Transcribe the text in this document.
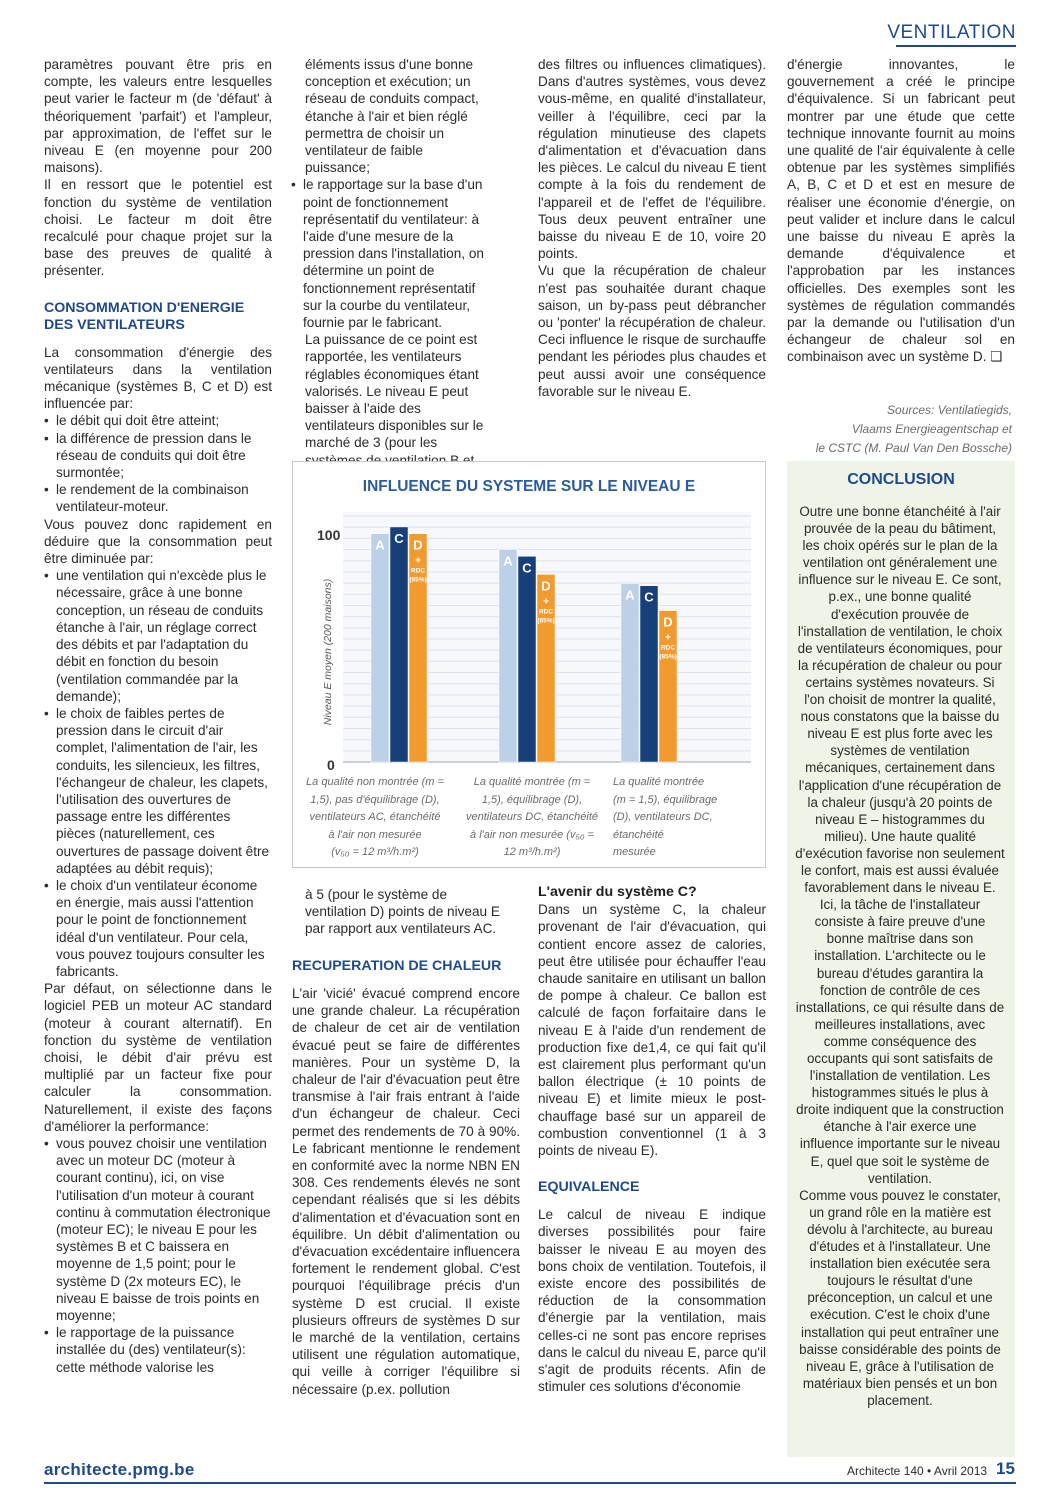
VENTILATION

paramètres pouvant être pris en compte, les valeurs entre lesquelles peut varier le facteur m (de 'défaut' à théoriquement 'parfait') et l'ampleur, par approximation, de l'effet sur le niveau E (en moyenne pour 200 maisons).

Il en ressort que le potentiel est fonction du système de ventilation choisi. Le facteur m doit être recalculé pour chaque projet sur la base des preuves de qualité à présenter.

CONSOMMATION D'ENERGIE DES VENTILATEURS

La consommation d'énergie des ventilateurs dans la ventilation mécanique (systèmes B, C et D) est influencée par:

• le débit qui doit être atteint;
• la différence de pression dans le réseau de conduits qui doit être surmontée;
• le rendement de la combinaison ventilateur-moteur.

Vous pouvez donc rapidement en déduire que la consommation peut être diminuée par:

• une ventilation qui n'excède plus le nécessaire, grâce à une bonne conception, un réseau de conduits étanche à l'air, un réglage correct des débits et par l'adaptation du débit en fonction du besoin (ventilation commandée par la demande);
• le choix de faibles pertes de pression dans le circuit d'air complet, l'alimentation de l'air, les conduits, les silencieux, les filtres, l'échangeur de chaleur, les clapets, l'utilisation des ouvertures de passage entre les différentes pièces (naturellement, ces ouvertures de passage doivent être adaptées au débit requis);
• le choix d'un ventilateur économe en énergie, mais aussi l'attention pour le point de fonctionnement idéal d'un ventilateur. Pour cela, vous pouvez toujours consulter les fabricants.

Par défaut, on sélectionne dans le logiciel PEB un moteur AC standard (moteur à courant alternatif). En fonction du système de ventilation choisi, le débit d'air prévu est multiplié par un facteur fixe pour calculer la consommation. Naturellement, il existe des façons d'améliorer la performance:

• vous pouvez choisir une ventilation avec un moteur DC (moteur à courant continu), ici, on vise l'utilisation d'un moteur à courant continu à commutation électronique (moteur EC); le niveau E pour les systèmes B et C baissera en moyenne de 1,5 point; pour le système D (2x moteurs EC), le niveau E baisse de trois points en moyenne;
• le rapportage de la puissance installée du (des) ventilateur(s): cette méthode valorise les

éléments issus d'une bonne conception et exécution; un réseau de conduits compact, étanche à l'air et bien réglé permettra de choisir un ventilateur de faible puissance;

• le rapportage sur la base d'un point de fonctionnement représentatif du ventilateur: à l'aide d'une mesure de la pression dans l'installation, on détermine un point de fonctionnement représentatif sur la courbe du ventilateur, fournie par le fabricant.

La puissance de ce point est rapportée, les ventilateurs réglables économiques étant valorisés. Le niveau E peut baisser à l'aide des ventilateurs disponibles sur le marché de 3 (pour les

des filtres ou influences climatiques). Dans d'autres systèmes, vous devez vous-même, en qualité d'installateur, veiller à l'équilibre, ceci par la régulation minutieuse des clapets d'alimentation et d'évacuation dans les pièces. Le calcul du niveau E tient compte à la fois du rendement de l'appareil et de l'effet de l'équilibre. Tous deux peuvent entraîner une baisse du niveau E de 10, voire 20 points.

Vu que la récupération de chaleur n'est pas souhaitée durant chaque saison, un by-pass peut débrancher ou 'ponter' la récupération de chaleur. Ceci influence le risque de surchauffe pendant les périodes plus chaudes et peut aussi avoir une conséquence favorable sur le niveau E.

d'énergie innovantes, le gouvernement a créé le principe d'équivalence. Si un fabricant peut montrer par une étude que cette technique innovante fournit au moins une qualité de l'air équivalente à celle obtenue par les systèmes simplifiés A, B, C et D et est en mesure de réaliser une économie d'énergie, on peut valider et inclure dans le calcul une baisse du niveau E après la demande d'équivalence et l'approbation par les instances officielles. Des exemples sont les systèmes de régulation commandés par la demande ou l'utilisation d'un échangeur de chaleur sol en combinaison avec un système D. ❑

Sources: Ventilatiegids,
Vlaams Energieagentschap et
le CSTC (M. Paul Van Den Bossche)
INFLUENCE DU SYSTEME SUR LE NIVEAU E
100
0
Niveau E moyen (200 maisons)
A
A
A
C
C
C
D
+
RDC
(85%)	D
+
RDC
(85%)	D
+
RDC
(85%)
La qualité non montrée (m =
1,5), pas d'équilibrage (D),
ventilateurs AC, étanchéité
à l'air non mesurée
(v₅₀ = 12 m³/h.m²)
La qualité montrée (m =
1,5), équilibrage (D),
ventilateurs DC, étanchéité
à l'air non mesurée (v₅₀ =
12 m³/h.m²)
La qualité montrée
(m = 1,5), équilibrage
(D), ventilateurs DC,
étanchéité
mesurée

à 5 (pour le système de ventilation D) points de niveau E par rapport aux ventilateurs AC.

RECUPERATION DE CHALEUR

L'air 'vicié' évacué comprend encore une grande chaleur. La récupération de chaleur de cet air de ventilation évacué peut se faire de différentes manières. Pour un système D, la chaleur de l'air d'évacuation peut être transmise à l'air frais entrant à l'aide d'un échangeur de chaleur. Ceci permet des rendements de 70 à 90%. Le fabricant mentionne le rendement en conformité avec la norme NBN EN 308. Ces rendements élevés ne sont cependant réalisés que si les débits d'alimentation et d'évacuation sont en équilibre. Un débit d'alimentation ou d'évacuation excédentaire influencera fortement le rendement global. C'est pourquoi l'équilibrage précis d'un système D est crucial. Il existe plusieurs offreurs de systèmes D sur le marché de la ventilation, certains utilisent une régulation automatique, qui veille à corriger l'équilibre si nécessaire (p.ex. pollution

L'avenir du système C?

Dans un système C, la chaleur provenant de l'air d'évacuation, qui contient encore assez de calories, peut être utilisée pour échauffer l'eau chaude sanitaire en utilisant un ballon de pompe à chaleur. Ce ballon est calculé de façon forfaitaire dans le niveau E à l'aide d'un rendement de production fixe de1,4, ce qui fait qu'il est clairement plus performant qu'un ballon électrique (± 10 points de niveau E) et limite mieux le post-chauffage basé sur un appareil de combustion conventionnel (1 à 3 points de niveau E).

EQUIVALENCE

Le calcul de niveau E indique diverses possibilités pour faire baisser le niveau E au moyen des bons choix de ventilation. Toutefois, il existe encore des possibilités de réduction de la consommation d'énergie par la ventilation, mais celles-ci ne sont pas encore reprises dans le calcul du niveau E, parce qu'il s'agit de produits récents. Afin de stimuler ces solutions d'économie

CONCLUSION

Outre une bonne étanchéité à l'air prouvée de la peau du bâtiment, les choix opérés sur le plan de la ventilation ont généralement une influence sur le niveau E. Ce sont, p.ex., une bonne qualité d'exécution prouvée de l'installation de ventilation, le choix de ventilateurs économiques, pour la récupération de chaleur ou pour certains systèmes novateurs. Si l'on choisit de montrer la qualité, nous constatons que la baisse du niveau E est plus forte avec les systèmes de ventilation mécaniques, certainement dans l'application d'une récupération de la chaleur (jusqu'à 20 points de niveau E – histogrammes du milieu). Une haute qualité d'exécution favorise non seulement le confort, mais est aussi évaluée favorablement dans le niveau E. Ici, la tâche de l'installateur consiste à faire preuve d'une bonne maîtrise dans son installation. L'architecte ou le bureau d'études garantira la fonction de contrôle de ces installations, ce qui résulte dans de meilleures installations, avec comme conséquence des occupants qui sont satisfaits de l'installation de ventilation. Les histogrammes situés le plus à droite indiquent que la construction étanche à l'air exerce une influence importante sur le niveau E, quel que soit le système de ventilation.

Comme vous pouvez le constater, un grand rôle en la matière est dévolu à l'architecte, au bureau d'études et à l'installateur. Une installation bien exécutée sera toujours le résultat d'une préconception, un calcul et une exécution. C'est le choix d'une installation qui peut entraîner une baisse considérable des points de niveau E, grâce à l'utilisation de matériaux bien pensés et un bon placement.

architecte.pmg.be	Architecte 140 • Avril 2013 15
